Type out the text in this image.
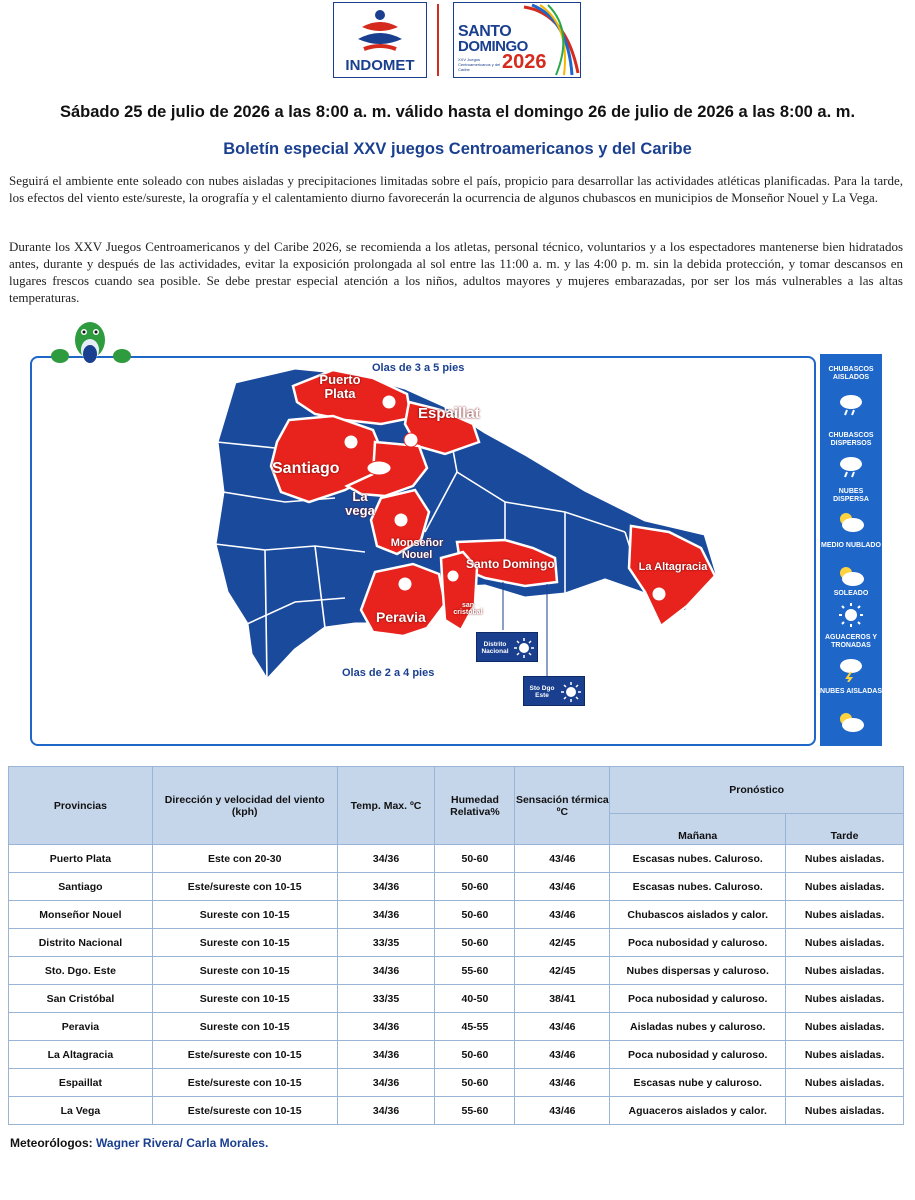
INDOMET
SANTO
DOMINGO
XXV Juegos Centroamericanos y del Caribe	2026
Sábado 25 de julio de 2026 a las 8:00 a. m. válido hasta el domingo 26 de julio de 2026 a las 8:00 a. m.
Boletín especial XXV juegos Centroamericanos y del Caribe
Seguirá el ambiente ente soleado con nubes aisladas y precipitaciones limitadas sobre el país, propicio para desarrollar las actividades atléticas planificadas. Para la tarde, los efectos del viento este/sureste, la orografía y el calentamiento diurno favorecerán la ocurrencia de algunos chubascos en municipios de Monseñor Nouel y La Vega.
Durante los XXV Juegos Centroamericanos y del Caribe 2026, se recomienda a los atletas, personal técnico, voluntarios y a los espectadores mantenerse bien hidratados antes, durante y después de las actividades, evitar la exposición prolongada al sol entre las 11:00 a. m. y las 4:00 p. m. sin la debida protección, y tomar descansos en lugares frescos cuando sea posible. Se debe prestar especial atención a los niños, adultos mayores y mujeres embarazadas, por ser los más vulnerables a las altas temperaturas.
Olas de 3 a 5 pies
Olas de 2 a 4 pies
Puerto Plata
Espaillat
Santiago
La vega
Monseñor Nouel
Santo Domingo	La Altagracia
Peravia
san cristóbal
Distrito Nacional
Sto Dgo Este
CHUBASCOS AISLADOS
CHUBASCOS DISPERSOS
NUBES DISPERSA
MEDIO NUBLADO
SOLEADO
AGUACEROS Y TRONADAS
NUBES AISLADAS
Provincias	Dirección y velocidad del viento (kph)	Temp. Max. ºC	Humedad Relativa%	Sensación térmica ºC	Pronóstico	
					Mañana	Tarde
Puerto Plata	Este con 20-30	34/36	50-60	43/46	Escasas nubes. Caluroso.	Nubes aisladas.
Santiago	Este/sureste con 10-15	34/36	50-60	43/46	Escasas nubes. Caluroso.	Nubes aisladas.
Monseñor Nouel	Sureste con 10-15	34/36	50-60	43/46	Chubascos aislados y calor.	Nubes aisladas.
Distrito Nacional	Sureste con 10-15	33/35	50-60	42/45	Poca nubosidad y caluroso.	Nubes aisladas.
Sto. Dgo. Este	Sureste con 10-15	34/36	55-60	42/45	Nubes dispersas y caluroso.	Nubes aisladas.
San Cristóbal	Sureste con 10-15	33/35	40-50	38/41	Poca nubosidad y caluroso.	Nubes aisladas.
Peravia	Sureste con 10-15	34/36	45-55	43/46	Aisladas nubes y caluroso.	Nubes aisladas.
La Altagracia	Este/sureste con 10-15	34/36	50-60	43/46	Poca nubosidad y caluroso.	Nubes aisladas.
Espaillat	Este/sureste con 10-15	34/36	50-60	43/46	Escasas nube y caluroso.	Nubes aisladas.
La Vega	Este/sureste con 10-15	34/36	55-60	43/46	Aguaceros aislados y calor.	Nubes aisladas.
Meteorólogos: Wagner Rivera/ Carla Morales.
